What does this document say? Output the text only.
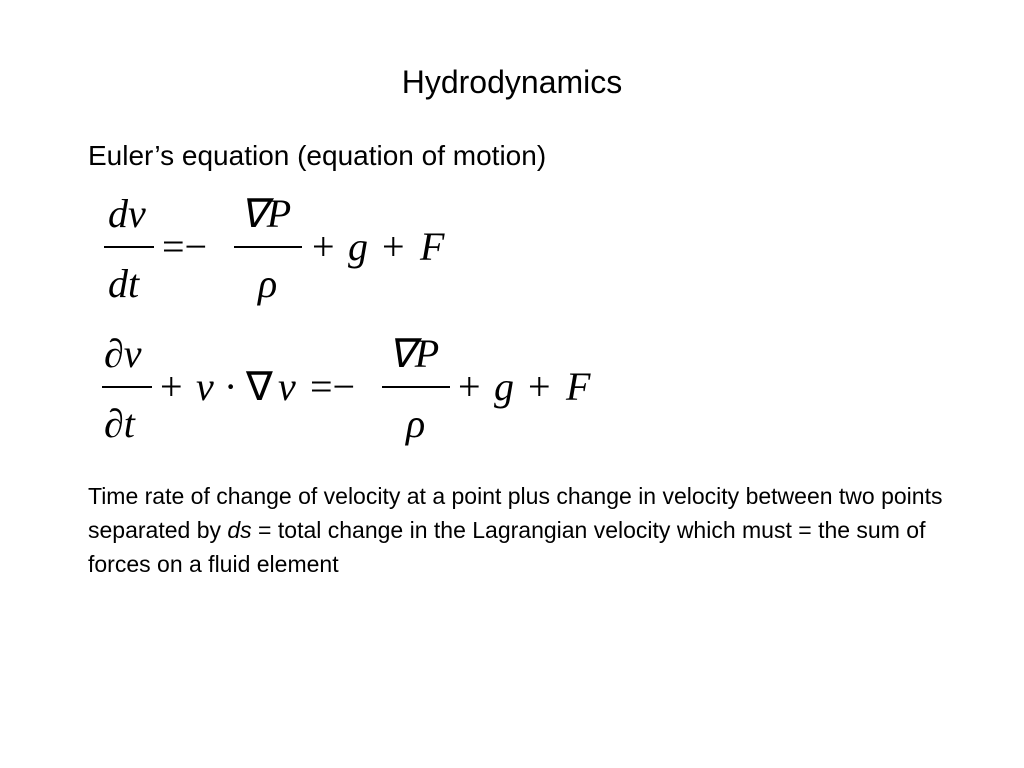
Hydrodynamics
Euler’s equation (equation of motion)
dv
dt
=−
∇P
ρ
+ g + F
∂v
∂t
+ v · ∇ v =−
∇P
ρ
+ g + F
Time rate of change of velocity at a point plus change in velocity between two points separated by ds = total change in the Lagrangian velocity which must = the sum of forces on a fluid element
